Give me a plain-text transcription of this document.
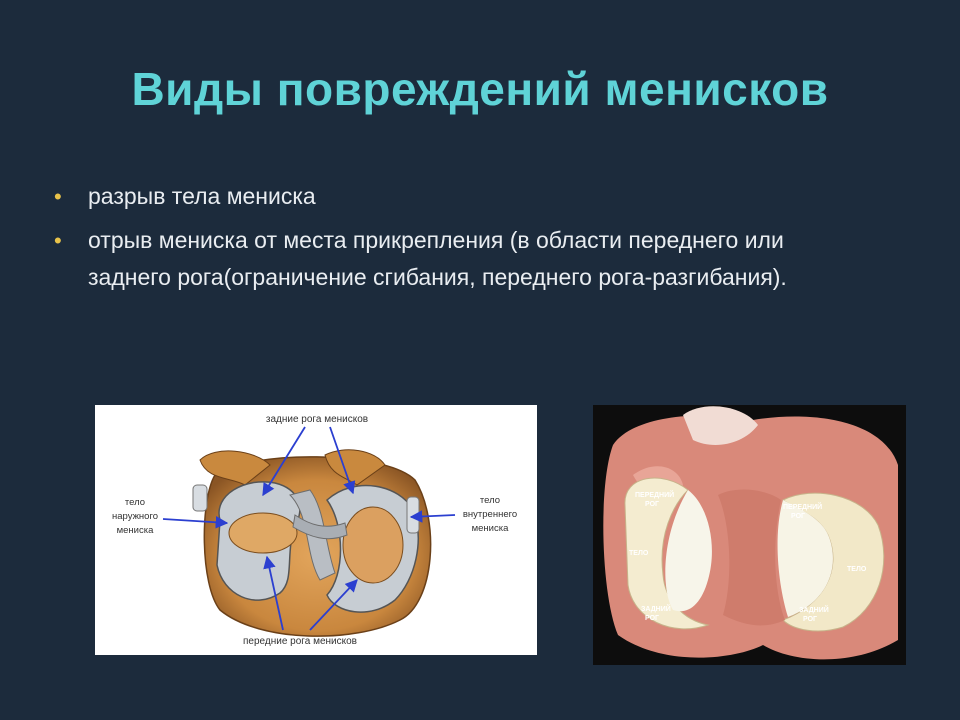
Виды повреждений менисков
• разрыв тела мениска
• отрыв мениска от места прикрепления (в области переднего или заднего рога(ограничение сгибания, переднего рога-разгибания).
задние рога менисков
тело
наружного
мениска
тело
внутреннего
мениска
передние рога менисков
ПЕРЕДНИЙ
РОГ
ТЕЛО
ЗАДНИЙ
РОГ
ПЕРЕДНИЙ
РОГ
ТЕЛО
ЗАДНИЙ
РОГ
